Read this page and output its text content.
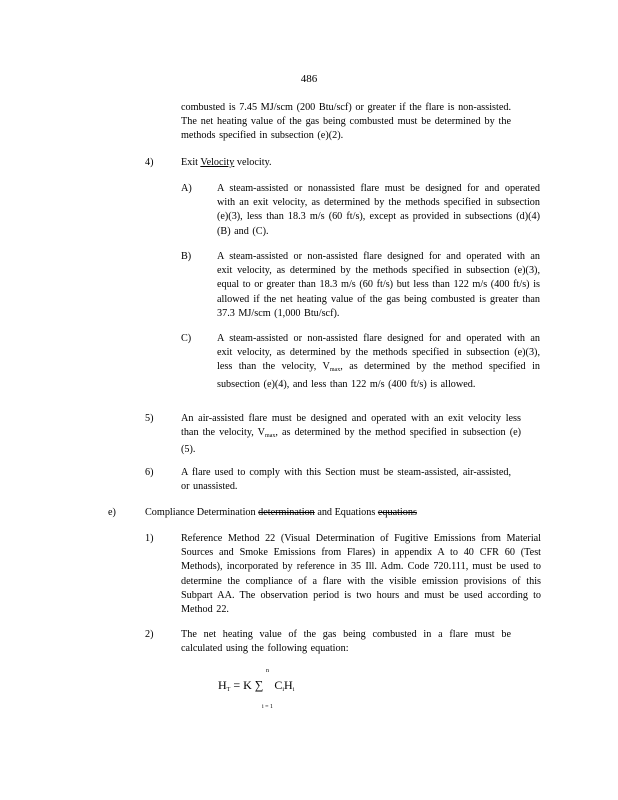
486
combusted is 7.45 MJ/scm (200 Btu/scf) or greater if the flare is non-assisted. The net heating value of the gas being combusted must be determined by the methods specified in subsection (e)(2).
4)	Exit Velocity velocity.
A) A steam-assisted or nonassisted flare must be designed for and operated with an exit velocity, as determined by the methods specified in subsection (e)(3), less than 18.3 m/s (60 ft/s), except as provided in subsections (d)(4)(B) and (C).
B)	A steam-assisted or non-assisted flare designed for and operated with an exit velocity, as determined by the methods specified in subsection (e)(3), equal to or greater than 18.3 m/s (60 ft/s) but less than 122 m/s (400 ft/s) is allowed if the net heating value of the gas being combusted is greater than 37.3 MJ/scm (1,000 Btu/scf).
C)	A steam-assisted or non-assisted flare designed for and operated with an exit velocity, as determined by the methods specified in subsection (e)(3), less than the velocity, $V_{max}$, as determined by the method specified in subsection (e)(4), and less than 122 m/s (400 ft/s) is allowed.
5)	An air-assisted flare must be designed and operated with an exit velocity less than the velocity, $V_{max}$, as determined by the method specified in subsection (e)(5).
6)	A flare used to comply with this Section must be steam-assisted, air-assisted, or unassisted.
e)	Compliance Determination determination and Equations equations
1)	Reference Method 22 (Visual Determination of Fugitive Emissions from Material Sources and Smoke Emissions from Flares) in appendix A to 40 CFR 60 (Test Methods), incorporated by reference in 35 Ill. Adm. Code 720.111, must be used to determine the compliance of a flare with the visible emission provisions of this Subpart AA. The observation period is two hours and must be used according to Method 22.
2)	The net heating value of the gas being combusted in a flare must be calculated using the following equation:
n
$H_T = K$ ∑ $C_iH_i$
i = 1
